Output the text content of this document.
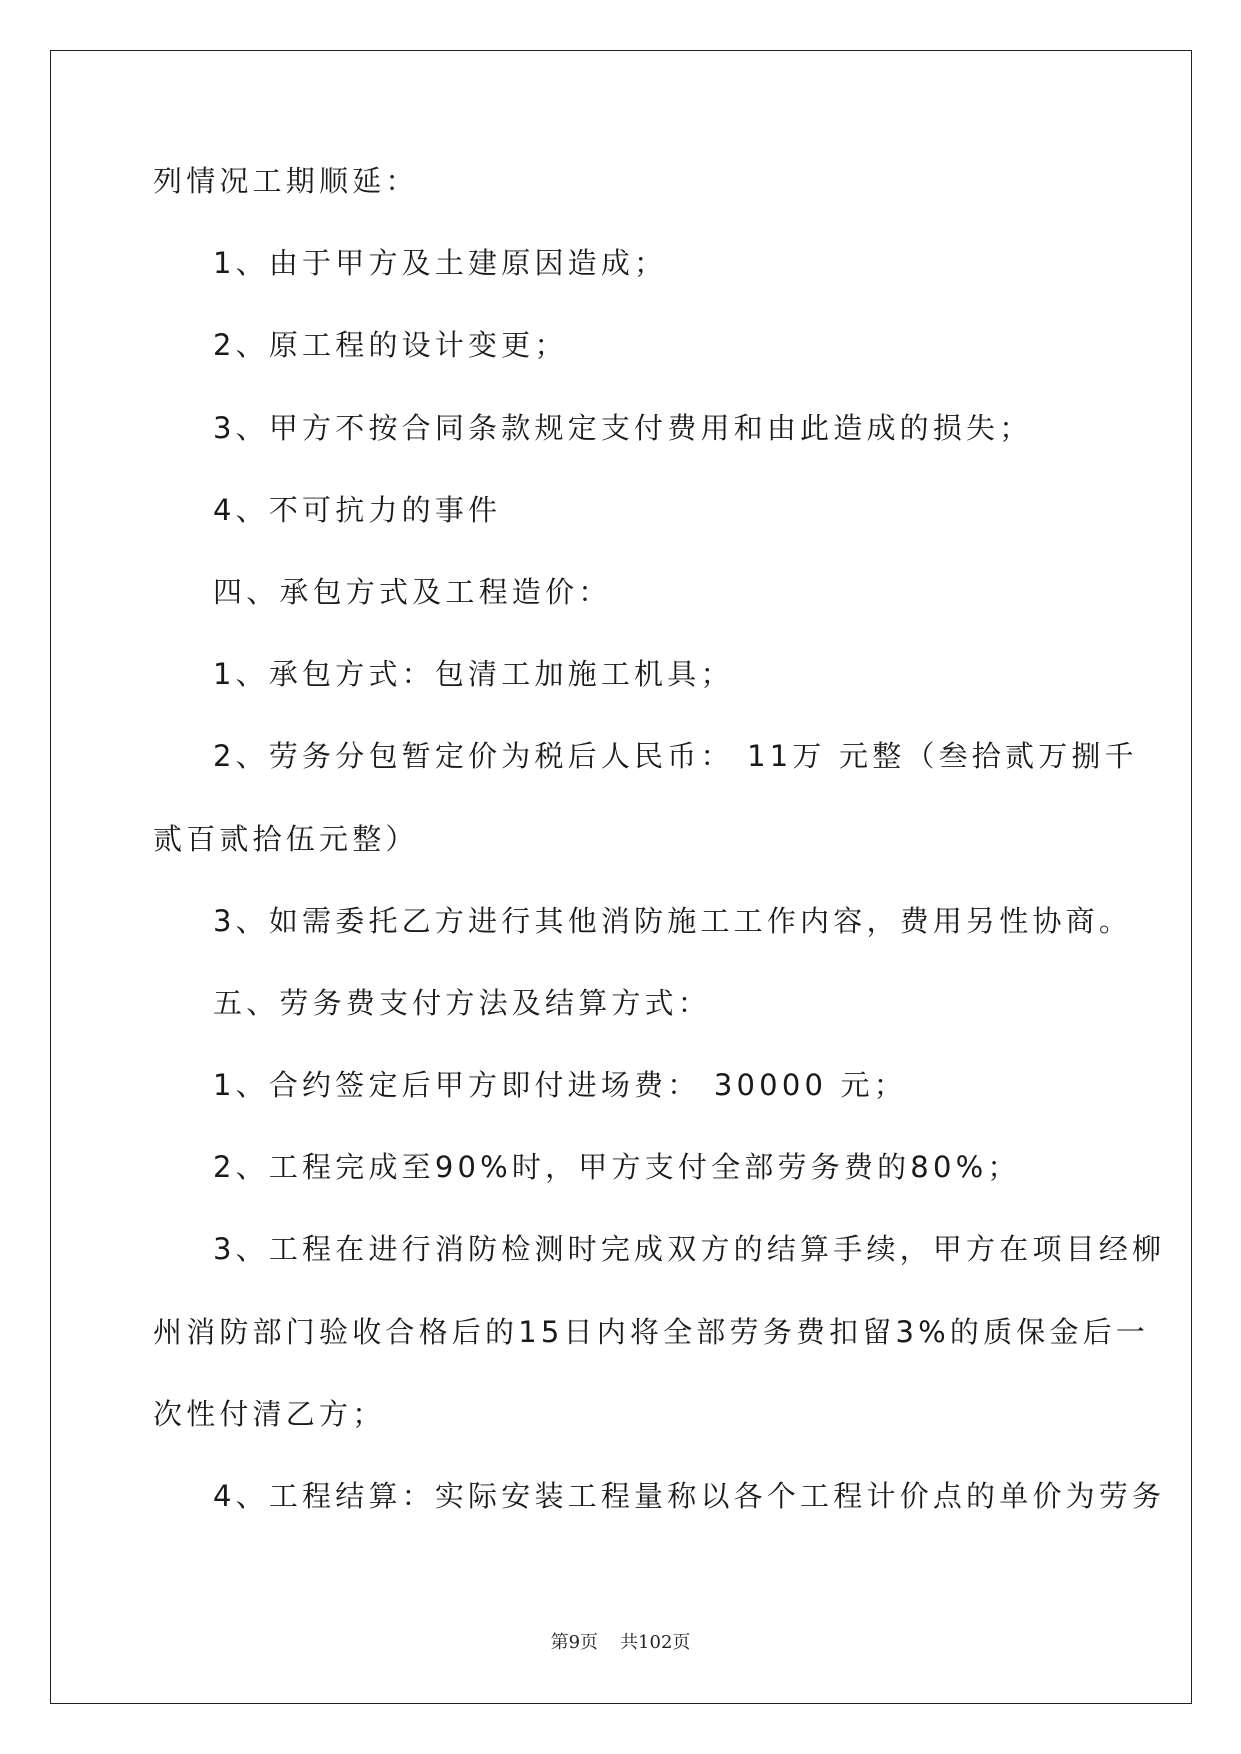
列情况工期顺延：
1、由于甲方及土建原因造成；
2、原工程的设计变更；
3、甲方不按合同条款规定支付费用和由此造成的损失；
4、不可抗力的事件
四、承包方式及工程造价：
1、承包方式：包清工加施工机具；
2、劳务分包暂定价为税后人民币： 11万 元整（叁拾贰万捌千
贰百贰拾伍元整）
3、如需委托乙方进行其他消防施工工作内容，费用另性协商。
五、劳务费支付方法及结算方式：
1、合约签定后甲方即付进场费： 30000 元；
2、工程完成至90%时，甲方支付全部劳务费的80%；
3、工程在进行消防检测时完成双方的结算手续，甲方在项目经柳
州消防部门验收合格后的15日内将全部劳务费扣留3%的质保金后一
次性付清乙方；
4、工程结算：实际安装工程量称以各个工程计价点的单价为劳务
第9页 共102页
